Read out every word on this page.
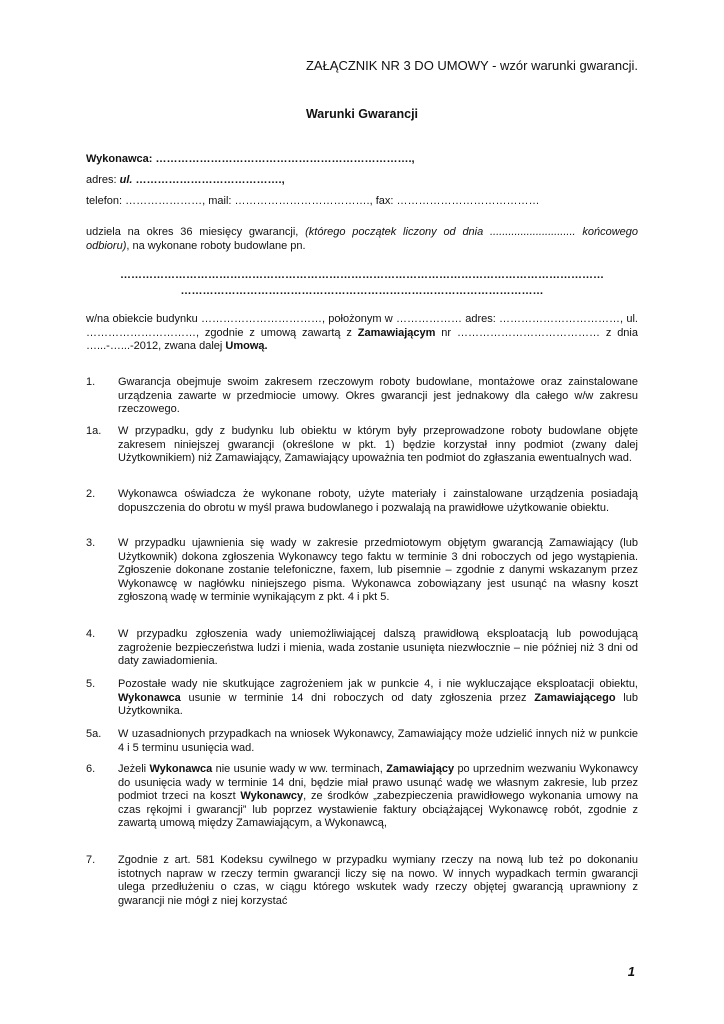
ZAŁĄCZNIK NR 3 DO UMOWY - wzór warunki gwarancji.
Warunki Gwarancji
Wykonawca: …………………………………………………………….,
adres: ul. ………………………………….,
telefon: …………………, mail: ………………………………., fax: …………………………………
udziela na okres 36 miesięcy gwarancji, (którego początek liczony od dnia ............................ końcowego odbioru), na wykonane roboty budowlane pn.
……………………………………………………………………………………………………………………
………………………………………………………………………………………
w/na obiekcie budynku ……………………………, położonym w ……………… adres: ……………………………, ul. …………………………, zgodnie z umową zawartą z Zamawiającym nr ………………………………… z dnia …...-…...-2012, zwana dalej Umową.
1. Gwarancja obejmuje swoim zakresem rzeczowym roboty budowlane, montażowe oraz zainstalowane urządzenia zawarte w przedmiocie umowy. Okres gwarancji jest jednakowy dla całego w/w zakresu rzeczowego.
1a. W przypadku, gdy z budynku lub obiektu w którym były przeprowadzone roboty budowlane objęte zakresem niniejszej gwarancji (określone w pkt. 1) będzie korzystał inny podmiot (zwany dalej Użytkownikiem) niż Zamawiający, Zamawiający upoważnia ten podmiot do zgłaszania ewentualnych wad.
2. Wykonawca oświadcza że wykonane roboty, użyte materiały i zainstalowane urządzenia posiadają dopuszczenia do obrotu w myśl prawa budowlanego i pozwalają na prawidłowe użytkowanie obiektu.
3. W przypadku ujawnienia się wady w zakresie przedmiotowym objętym gwarancją Zamawiający (lub Użytkownik) dokona zgłoszenia Wykonawcy tego faktu w terminie 3 dni roboczych od jego wystąpienia. Zgłoszenie dokonane zostanie telefoniczne, faxem, lub pisemnie – zgodnie z danymi wskazanym przez Wykonawcę w nagłówku niniejszego pisma. Wykonawca zobowiązany jest usunąć na własny koszt zgłoszoną wadę w terminie wynikającym z pkt. 4 i pkt 5.
4. W przypadku zgłoszenia wady uniemożliwiającej dalszą prawidłową eksploatacją lub powodującą zagrożenie bezpieczeństwa ludzi i mienia, wada zostanie usunięta niezwłocznie – nie później niż 3 dni od daty zawiadomienia.
5. Pozostałe wady nie skutkujące zagrożeniem jak w punkcie 4, i nie wykluczające eksploatacji obiektu, Wykonawca usunie w terminie 14 dni roboczych od daty zgłoszenia przez Zamawiającego lub Użytkownika.
5a. W uzasadnionych przypadkach na wniosek Wykonawcy, Zamawiający może udzielić innych niż w punkcie 4 i 5 terminu usunięcia wad.
6. Jeżeli Wykonawca nie usunie wady w ww. terminach, Zamawiający po uprzednim wezwaniu Wykonawcy do usunięcia wady w terminie 14 dni, będzie miał prawo usunąć wadę we własnym zakresie, lub przez podmiot trzeci na koszt Wykonawcy, ze środków „zabezpieczenia prawidłowego wykonania umowy na czas rękojmi i gwarancji” lub poprzez wystawienie faktury obciążającej Wykonawcę robót, zgodnie z zawartą umową między Zamawiającym, a Wykonawcą,
7. Zgodnie z art. 581 Kodeksu cywilnego w przypadku wymiany rzeczy na nową lub też po dokonaniu istotnych napraw w rzeczy termin gwarancji liczy się na nowo. W innych wypadkach termin gwarancji ulega przedłużeniu o czas, w ciągu którego wskutek wady rzeczy objętej gwarancją uprawniony z gwarancji nie mógł z niej korzystać
1
